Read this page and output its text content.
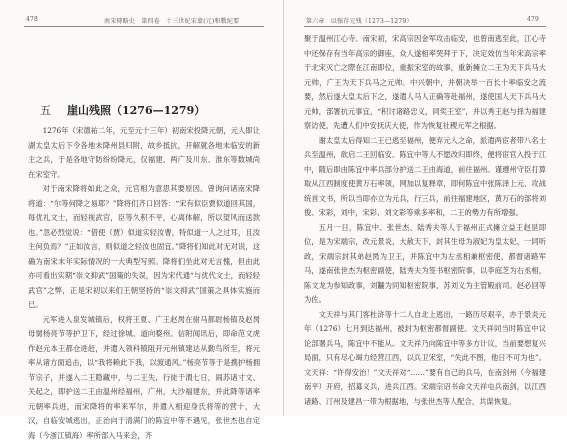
478	南宋傳略史　第四卷　十三世紀宋蒙(元)和戰紀要
五 崖山残照（1276—1279）

1276年（宋德祐二年，元至元十三年）初南宋投降元朝，元人即让湖太皇太后下令各地未降州县归附，故乡抵抗，开解就各地未临安的新主之兵，于是各地守防纷纷降元，仅福建、两广及川东、淮东等数城尚在宋室守。

对于南宋降将如此之众，元官相为意思其要原因。曾询问诸南宋降将道：“尔等何降之易耶？”降将们齐口回答：“宋有似臣贾似道回其国，每优礼文士，而轻视武官，臣等久积不平，心离体解，所以望风而送款也。”忽必烈觉说：“借使（贾）似道实轻汝曹，特似道一人之过耳，且汝主何负焉？”正如汝言，则似道之轻汝也固宜。”降将们知此对无对说，这确为南宋末年实际情况的一大典型写照。降将们坐此对无言愧，但由此亦可看出实期“崇文抑武”国策的失误，因为宋代通“与优代文士，而轻轻武官”之弊，正是宋初以来们王朝坚持的“崇文抑武”国策之具体实施而已。

元军进入泉发城镇后，权将王夏、广王赵昺在驸马都尉杨镇及赵昺母舅杨亮节等护卫下，经过徐城、道向婺州。信附闻讯后，即命范文虎作赵元本王都仓进赶，并遣入领科镇阻开元州镇建达从勤鸟所至，将元率从诸方面追击，以“我将赖此下我，以渡通风。”杨亮节等于是携护杨拥节宗子，并遂入二王隐藏中，与二王失，行徒于渭七日，闹苏诸寸文、关起之，即护送二王由温州经福州，广州，大沙福建东，并此降等诸率元朝率兵进，而宋降将的率来军尔，并遣入相迎身氏将等的营十，大汉，自临安城逃出，正治向于清满门的陈宜中等不遇见，张世杰也自定海（今浙江镇海）率所部入马来会，齐

第六章　以强存元残（1273—1279）	479

聚于温州江心寺。南宋初，宋高宗因金军攻击临安，也曾南逃至此，江心寺中还保存有当年高宗的御座，众人遂相率哭拜于下，决定效仿当年宋高宗率于北宋灭亡之際在江南即位，重振宋室的故事，重新擁立二王为天下兵马大元帅，广王为天下兵马之元帅。中兴朝中，并朝决举一百长十率临安之流要，然后遂大皇太后下之，遂遣人马人正确等赴福州，遂使国人天下兵马大元帅，部署抗元事宜，“积讨诸路忠义，同奖王室”，并以秀王赵与择为福建察访使，先遭人们中安抚庆大使，作为恢复社稷元军之根据。

谢太皇太后得知二王已逃至福州，便弃元人之命，派遣两宦者带八名士兵至温州，欲启二王回临安。陈宜中等人不愿改归即终，便将宦官入投于江中，随后即由陈宜中率兵部分护送二王由海道，前往福州。谨遵州守臣打算取从江西制度使黄万石率领，网加以复释章，即何陈宜中张陈泽上元、攻战统首文书，所以当即亦立为元兵，行三兵，前往福建地区，黄万石的部将刘俊、宋彩，刘中，宋彩、刘文彩等乘多率和，二王的勢力有所增强。

五月一日，陈宜中、张世杰、陆秀夫等人于福州正式擁立益王赵昰即位，是为宋端宗，改元景炎，大赦天下，封其生母为淑妃为皇太妃，一同听政，宋端宗封其弟赵昺为卫王，并陈宜中为左丞相兼枢密使，都督诸路军马，遂南张世杰为枢密副使，陆秀夫为签书枢密院事，以李庭芝为右丞相，陈文龙为参知政事，刘黼为同知枢密院事，苏刘义为主管殿前司。赵必回等为佐。

文天祥与其门客杜浒等十二人自北上逃出，一路历尽艰辛，亦于景炎元年（1276）七月到达福州，被封为枢密都督副使。文天祥同当时陈宜中议论部署兵马，陈宜中不能从。文天祥乃向陈宜中等多方计议，当前要想复兴局面，只有尽心竭力经营江西，以兵卫宋室，“失此不图，他日不可为也”。文天祥：“许得安治！”文天祥对“……”要有自己的兵马，在南剑州（今福建南平）开府，招募义兵，进兵江西。宋端宗诏书命文天祥屯兵南剑，以江西诸路、汀州及建昌一带为根据地，与张世杰等人配合，共谋恢复。
